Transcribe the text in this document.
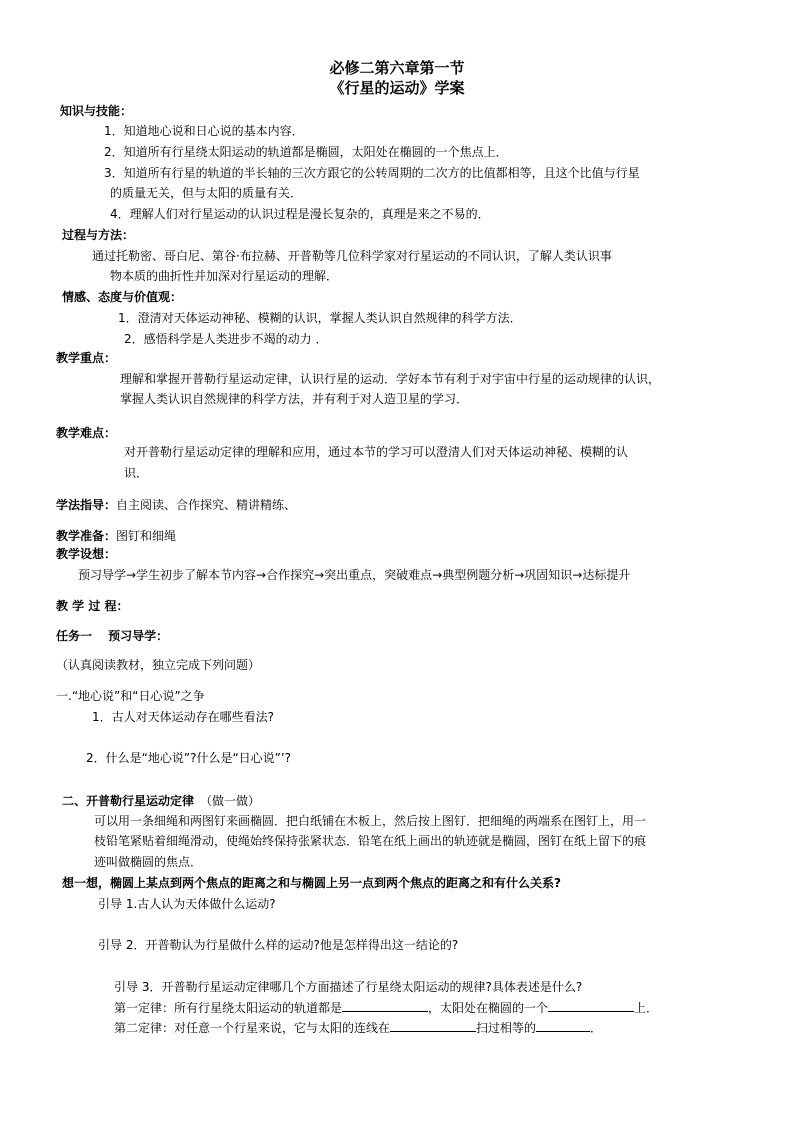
必修二第六章第一节
《行星的运动》学案
知识与技能：
1．知道地心说和日心说的基本内容．
2．知道所有行星绕太阳运动的轨道都是椭圆，太阳处在椭圆的一个焦点上．
3．知道所有行星的轨道的半长轴的三次方跟它的公转周期的二次方的比值都相等，且这个比值与行星
的质量无关，但与太阳的质量有关．
4．理解人们对行星运动的认识过程是漫长复杂的，真理是来之不易的．
过程与方法：
通过托勒密、哥白尼、第谷·布拉赫、开普勒等几位科学家对行星运动的不同认识，了解人类认识事
物本质的曲折性并加深对行星运动的理解．
情感、态度与价值观：
1．澄清对天体运动神秘、模糊的认识，掌握人类认识自然规律的科学方法．
2．感悟科学是人类进步不竭的动力 ．
教学重点：
理解和掌握开普勒行星运动定律，认识行星的运动．学好本节有利于对宇宙中行星的运动规律的认识，
掌握人类认识自然规律的科学方法，并有利于对人造卫星的学习．
教学难点：
对开普勒行星运动定律的理解和应用，通过本节的学习可以澄清人们对天体运动神秘、模糊的认
识．
学法指导：自主阅读、合作探究、精讲精练、
教学准备：图钉和细绳
教学设想：
预习导学→学生初步了解本节内容→合作探究→突出重点，突破难点→典型例题分析→巩固知识→达标提升
教 学 过 程：
任务一　 预习导学：
（认真阅读教材，独立完成下列问题）
一.“地心说”和“日心说”之争
1．古人对天体运动存在哪些看法?
2．什么是“地心说”?什么是“日心说”’?
二、开普勒行星运动定律 （做一做）
可以用一条细绳和两图钉来画椭圆．把白纸铺在木板上，然后按上图钉．把细绳的两端系在图钉上，用一
枝铅笔紧贴着细绳滑动，使绳始终保持张紧状态．铅笔在纸上画出的轨迹就是椭圆，图钉在纸上留下的痕
迹叫做椭圆的焦点．
想一想，椭圆上某点到两个焦点的距离之和与椭圆上另一点到两个焦点的距离之和有什么关系?
引导 1.古人认为天体做什么运动?
引导 2．开普勒认为行星做什么样的运动?他是怎样得出这一结论的?
引导 3．开普勒行星运动定律哪几个方面描述了行星绕太阳运动的规律?具体表述是什么?
第一定律：所有行星绕太阳运动的轨道都是	，太阳处在椭圆的一个	上．
第二定律：对任意一个行星来说，它与太阳的连线在	扫过相等的	．
